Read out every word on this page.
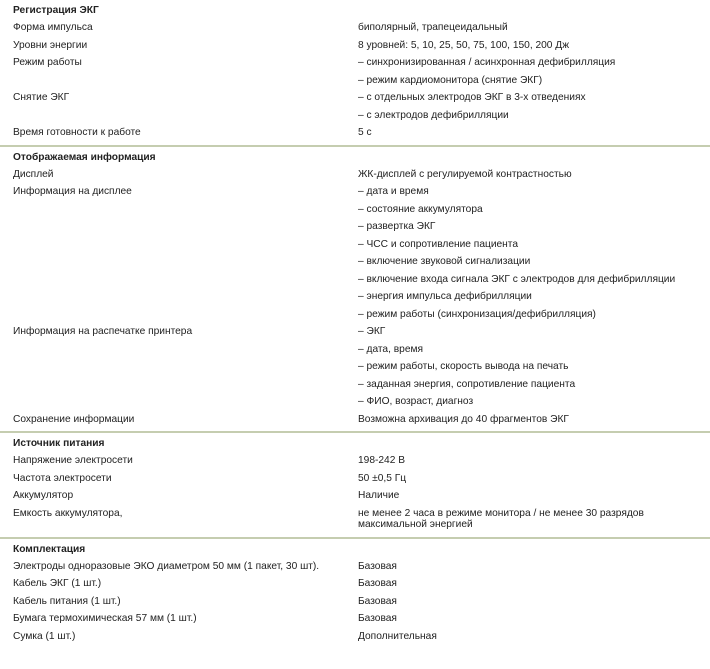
Регистрация ЭКГ
Форма импульса	биполярный, трапецеидальный
Уровни энергии	8 уровней: 5, 10, 25, 50, 75, 100, 150, 200 Дж
Режим работы	– синхронизированная / асинхронная дефибрилляция
– режим кардиомонитора (снятие ЭКГ)
Снятие ЭКГ	– с отдельных электродов ЭКГ в 3-х отведениях
– с электродов дефибрилляции
Время готовности к работе	5 с
Отображаемая информация
Дисплей	ЖК-дисплей с регулируемой контрастностью
Информация на дисплее	– дата и время
– состояние аккумулятора
– развертка ЭКГ
– ЧСС и сопротивление пациента
– включение звуковой сигнализации
– включение входа сигнала ЭКГ с электродов для дефибрилляции
– энергия импульса дефибрилляции
– режим работы (синхронизация/дефибрилляция)
Информация на распечатке принтера	– ЭКГ
– дата, время
– режим работы, скорость вывода на печать
– заданная энергия, сопротивление пациента
– ФИО, возраст, диагноз
Сохранение информации	Возможна архивация до 40 фрагментов ЭКГ
Источник питания
Напряжение электросети	198-242 В
Частота электросети	50 ±0,5 Гц
Аккумулятор	Наличие
Емкость аккумулятора,	не менее 2 часа в режиме монитора / не менее 30 разрядов максимальной энергией
Комплектация
Электроды одноразовые ЭКО диаметром 50 мм (1 пакет, 30 шт).	Базовая
Кабель ЭКГ (1 шт.)	Базовая
Кабель питания (1 шт.)	Базовая
Бумага термохимическая 57 мм (1 шт.)	Базовая
Сумка (1 шт.)	Дополнительная
